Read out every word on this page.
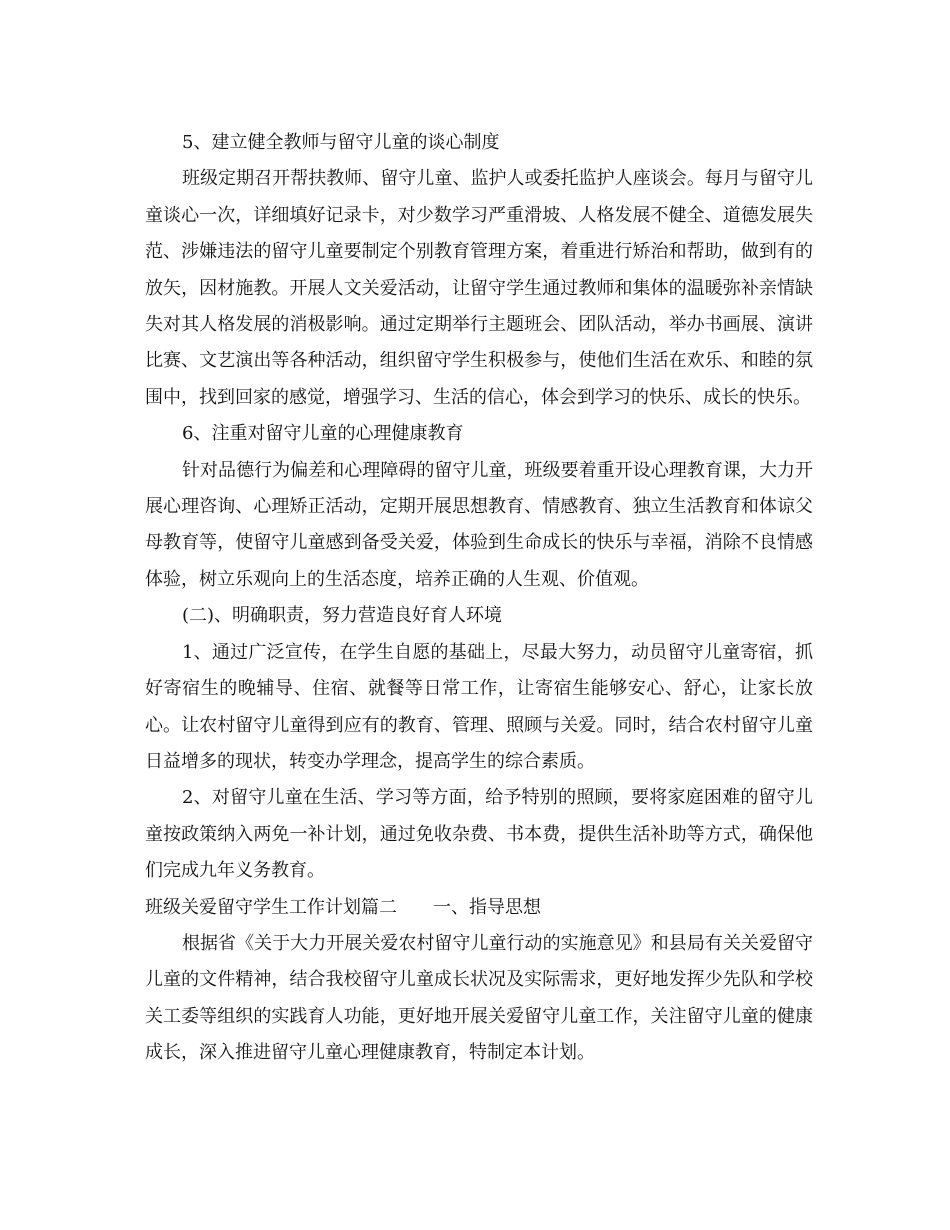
5、建立健全教师与留守儿童的谈心制度

班级定期召开帮扶教师、留守儿童、监护人或委托监护人座谈会。每月与留守儿童谈心一次，详细填好记录卡，对少数学习严重滑坡、人格发展不健全、道德发展失范、涉嫌违法的留守儿童要制定个别教育管理方案，着重进行矫治和帮助，做到有的放矢，因材施教。开展人文关爱活动，让留守学生通过教师和集体的温暖弥补亲情缺失对其人格发展的消极影响。通过定期举行主题班会、团队活动，举办书画展、演讲比赛、文艺演出等各种活动，组织留守学生积极参与，使他们生活在欢乐、和睦的氛围中，找到回家的感觉，增强学习、生活的信心，体会到学习的快乐、成长的快乐。

6、注重对留守儿童的心理健康教育

针对品德行为偏差和心理障碍的留守儿童，班级要着重开设心理教育课，大力开展心理咨询、心理矫正活动，定期开展思想教育、情感教育、独立生活教育和体谅父母教育等，使留守儿童感到备受关爱，体验到生命成长的快乐与幸福，消除不良情感体验，树立乐观向上的生活态度，培养正确的人生观、价值观。

(二)、明确职责，努力营造良好育人环境

1、通过广泛宣传，在学生自愿的基础上，尽最大努力，动员留守儿童寄宿，抓好寄宿生的晚辅导、住宿、就餐等日常工作，让寄宿生能够安心、舒心，让家长放心。让农村留守儿童得到应有的教育、管理、照顾与关爱。同时，结合农村留守儿童日益增多的现状，转变办学理念，提高学生的综合素质。

2、对留守儿童在生活、学习等方面，给予特别的照顾，要将家庭困难的留守儿童按政策纳入两免一补计划，通过免收杂费、书本费，提供生活补助等方式，确保他们完成九年义务教育。

班级关爱留守学生工作计划篇二 一、指导思想

根据省《关于大力开展关爱农村留守儿童行动的实施意见》和县局有关关爱留守儿童的文件精神，结合我校留守儿童成长状况及实际需求，更好地发挥少先队和学校关工委等组织的实践育人功能，更好地开展关爱留守儿童工作，关注留守儿童的健康成长，深入推进留守儿童心理健康教育，特制定本计划。
